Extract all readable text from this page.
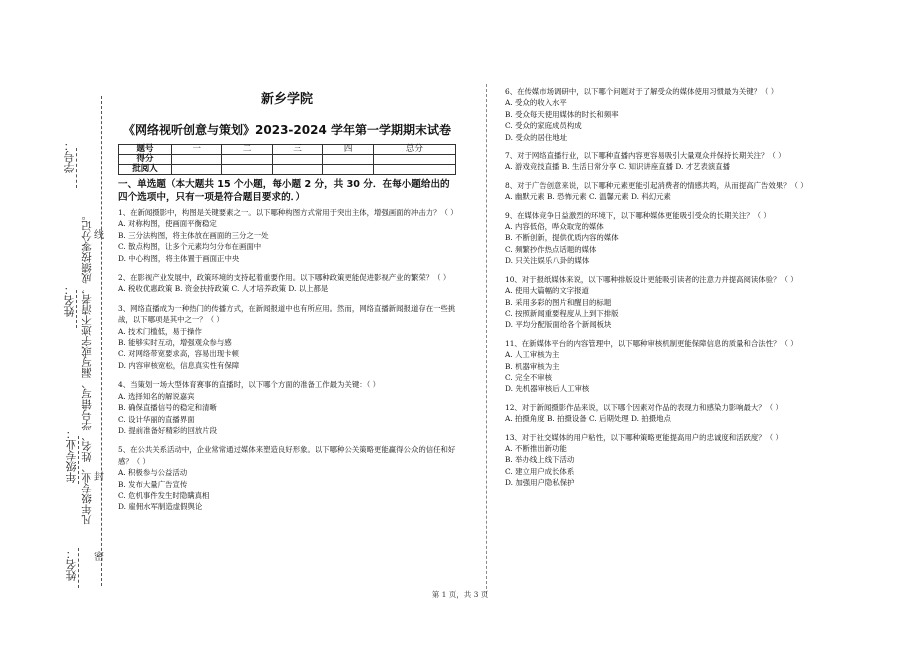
学号：
姓名：
年级专业：
姓名：
凡年级专业、姓名、学号错写、漏写或字迹不清者，成绩按零分记。 线
封
密
新乡学院
《网络视听创意与策划》2023-2024 学年第一学期期末试卷
题号	一	二	三	四	总分
得分					
批阅人					
一、单选题（本大题共 15 个小题，每小题 2 分，共 30 分．在每小题给出的四个选项中，只有一项是符合题目要求的．）

1、在新闻摄影中，构图是关键要素之一。以下哪种构图方式常用于突出主体，增强画面的冲击力？（ ）

A. 对称构图，使画面平衡稳定

B. 三分法构图，将主体放在画面的三分之一处

C. 散点构图，让多个元素均匀分布在画面中

D. 中心构图，将主体置于画面正中央

2、在影视产业发展中，政策环境的支持起着重要作用。以下哪种政策更能促进影视产业的繁荣？（ ）

A. 税收优惠政策 B. 资金扶持政策 C. 人才培养政策 D. 以上都是

3、网络直播成为一种热门的传播方式，在新闻报道中也有所应用。然而，网络直播新闻报道存在一些挑战，以下哪项是其中之一？（ ）

A. 技术门槛低，易于操作

B. 能够实时互动，增强观众参与感

C. 对网络带宽要求高，容易出现卡顿

D. 内容审核宽松，信息真实性有保障

4、当策划一场大型体育赛事的直播时，以下哪个方面的准备工作最为关键：（ ）

A. 选择知名的解说嘉宾

B. 确保直播信号的稳定和清晰

C. 设计华丽的直播界面

D. 提前准备好精彩的回放片段

5、在公共关系活动中，企业常常通过媒体来塑造良好形象。以下哪种公关策略更能赢得公众的信任和好感？（ ）

A. 积极参与公益活动

B. 发布大量广告宣传

C. 危机事件发生时隐瞒真相

D. 雇佣水军制造虚假舆论

6、在传媒市场调研中，以下哪个问题对于了解受众的媒体使用习惯最为关键？（ ）

A. 受众的收入水平

B. 受众每天使用媒体的时长和频率

C. 受众的家庭成员构成

D. 受众的居住地址

7、对于网络直播行业，以下哪种直播内容更容易吸引大量观众并保持长期关注？（ ）

A. 游戏竞技直播 B. 生活日常分享 C. 知识讲座直播 D. 才艺表演直播

8、对于广告创意来说，以下哪种元素更能引起消费者的情感共鸣，从而提高广告效果？（ ）

A. 幽默元素 B. 恐怖元素 C. 温馨元素 D. 科幻元素

9、在媒体竞争日益激烈的环境下，以下哪种媒体更能吸引受众的长期关注？（ ）

A. 内容低俗，哗众取宠的媒体

B. 不断创新，提供优质内容的媒体

C. 频繁抄作热点话题的媒体

D. 只关注娱乐八卦的媒体

10、对于报纸媒体来说，以下哪种排版设计更能吸引读者的注意力并提高阅读体验？（ ）

A. 使用大篇幅的文字报道

B. 采用多彩的图片和醒目的标题

C. 按照新闻重要程度从上到下排版

D. 平均分配版面给各个新闻板块

11、在新媒体平台的内容管理中，以下哪种审核机制更能保障信息的质量和合法性？（ ）

A. 人工审核为主

B. 机器审核为主

C. 完全不审核

D. 先机器审核后人工审核

12、对于新闻摄影作品来说，以下哪个因素对作品的表现力和感染力影响最大？（ ）

A. 拍摄角度 B. 拍摄设备 C. 后期处理 D. 拍摄地点

13、对于社交媒体的用户粘性，以下哪种策略更能提高用户的忠诚度和活跃度？（ ）

A. 不断推出新功能

B. 举办线上线下活动

C. 建立用户成长体系

D. 加强用户隐私保护

第 1 页，共 3 页
